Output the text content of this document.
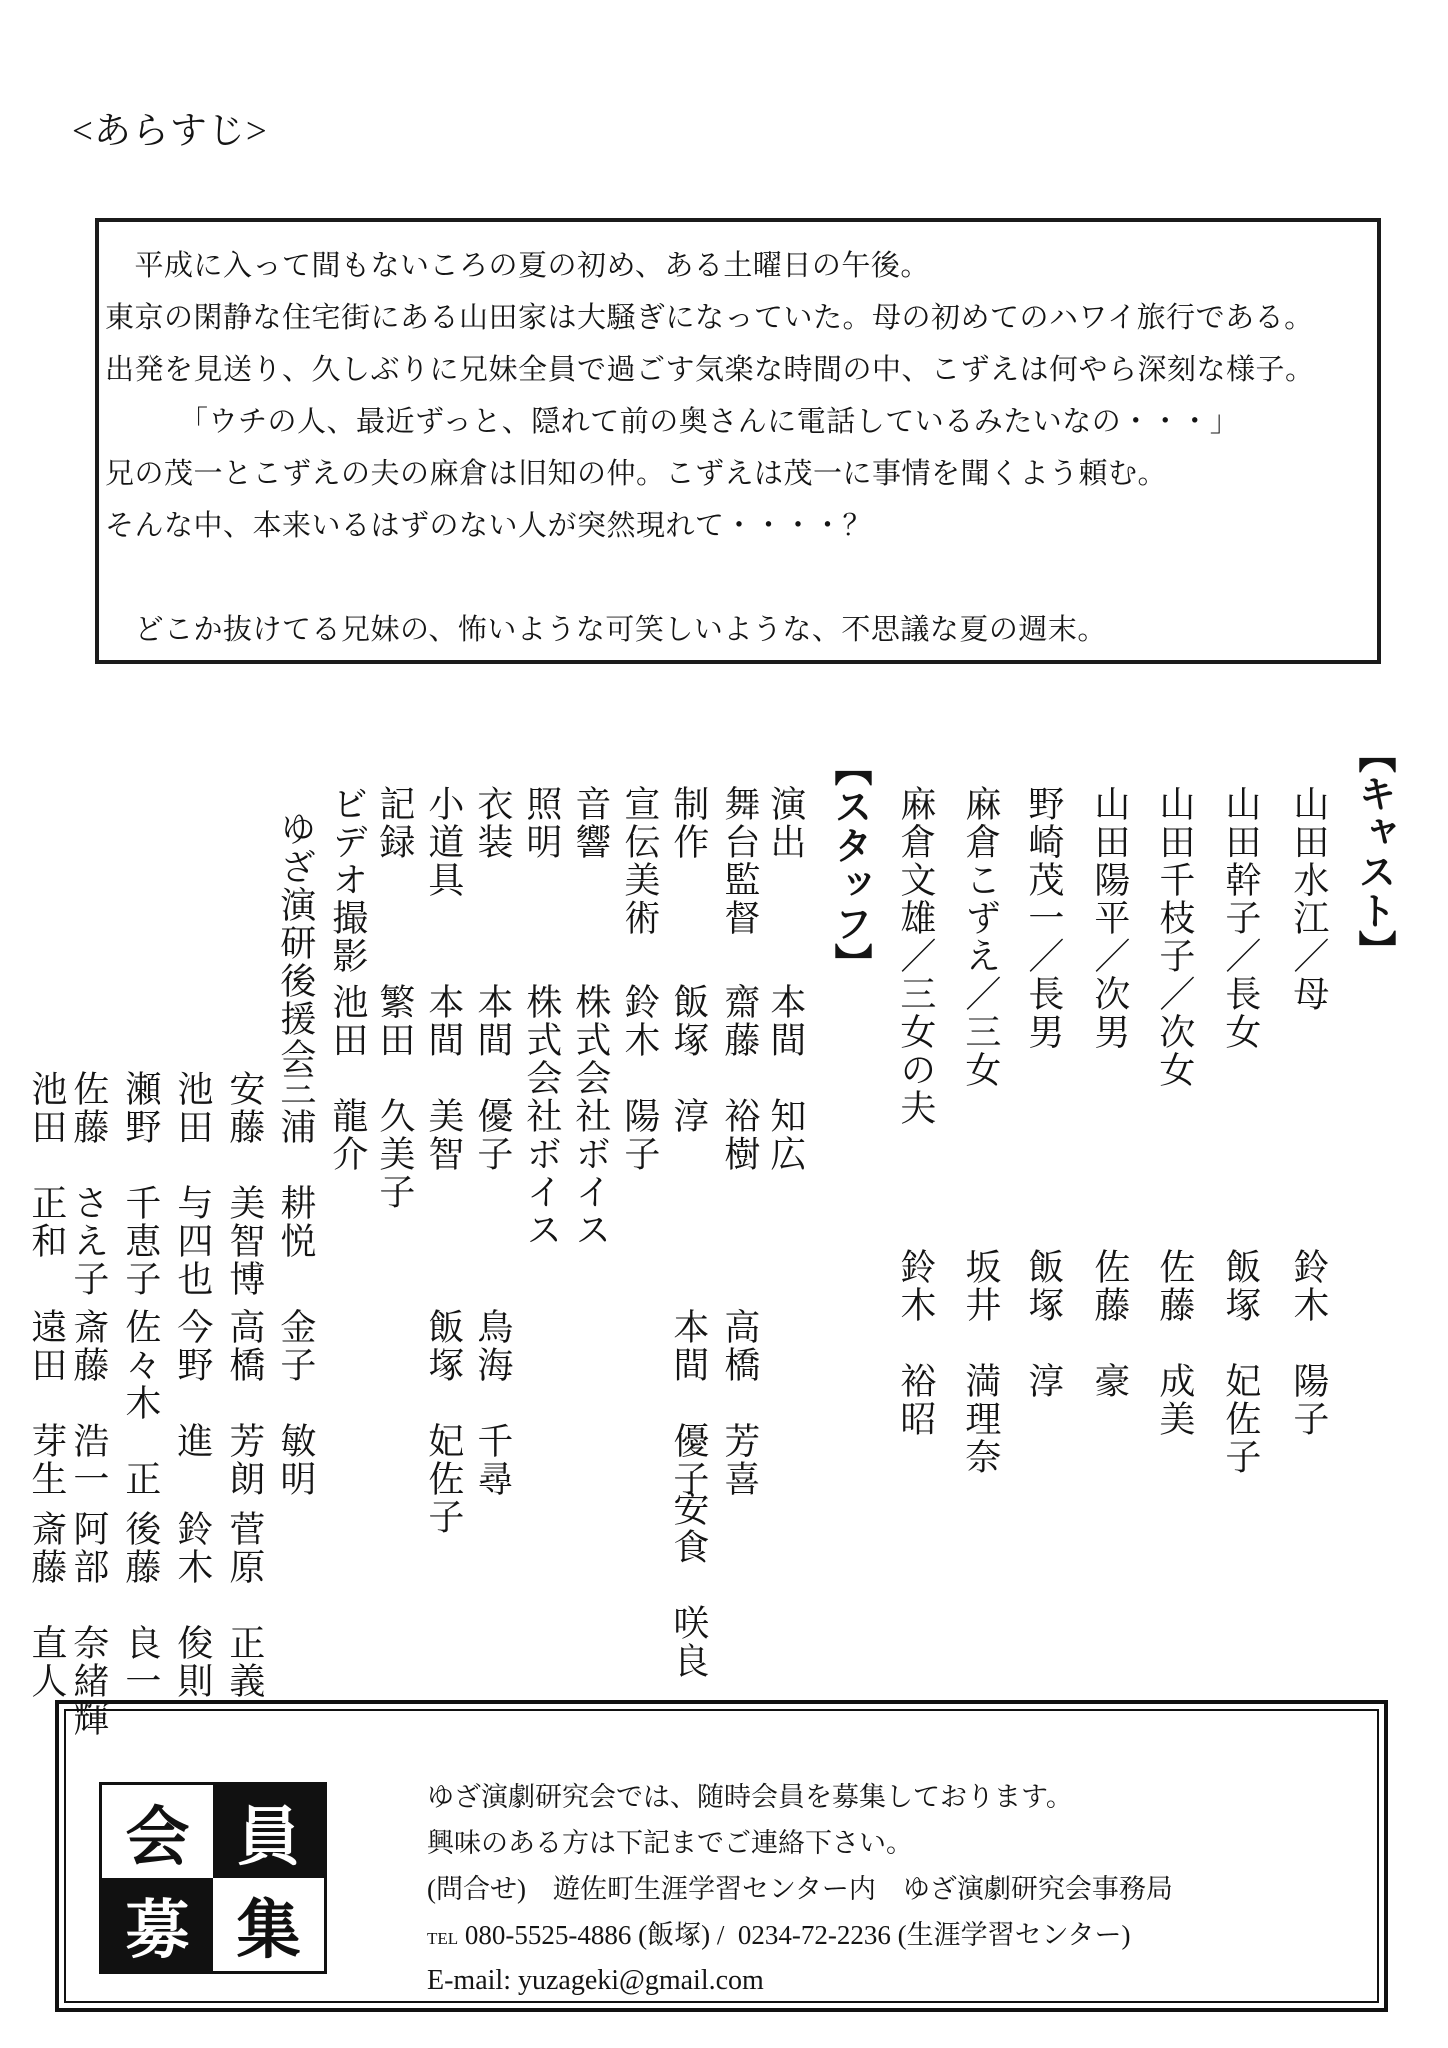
<あらすじ>

　平成に入って間もないころの夏の初め、ある土曜日の午後。

東京の閑静な住宅街にある山田家は大騒ぎになっていた。母の初めてのハワイ旅行である。

出発を見送り、久しぶりに兄妹全員で過ごす気楽な時間の中、こずえは何やら深刻な様子。

　　　「ウチの人、最近ずっと、隠れて前の奥さんに電話しているみたいなの・・・」

兄の茂一とこずえの夫の麻倉は旧知の仲。こずえは茂一に事情を聞くよう頼む。

そんな中、本来いるはずのない人が突然現れて・・・・？

　どこか抜けてる兄妹の、怖いような可笑しいような、不思議な夏の週末。

【キャスト】
山田水江／母
山田幹子／長女
山田千枝子／次女
山田陽平／次男
野崎茂一／長男
麻倉こずえ／三女
麻倉文雄／三女の夫
鈴木　陽子
飯塚　妃佐子
佐藤　成美
佐藤　豪
飯塚　淳
坂井　満理奈
鈴木　裕昭
【スタッフ】
演出
舞台監督
制作
宣伝美術
音響
照明
衣装
小道具
記録
ビデオ撮影
ゆざ演研後援会
本間　知広
齋藤　裕樹
高橋　芳喜
飯塚　淳
本間　優子
安食　咲良
鈴木　陽子
株式会社ボイス
株式会社ボイス
本間　優子
鳥海　千尋
本間　美智
飯塚　妃佐子
繁田　久美子
池田　龍介
三浦　耕悦
金子　敏明
安藤　美智博
高橋　芳朗
菅原　正義
池田　与四也
今野　進
鈴木　俊則
瀬野　千恵子
佐々木　正
後藤　良一
佐藤　さえ子
斎藤　浩一
阿部　奈緒輝
池田　正和
遠田　芽生
斎藤　直人
会 員
募 集

ゆざ演劇研究会では、随時会員を募集しております。

興味のある方は下記までご連絡下さい。

(問合せ)　遊佐町生涯学習センター内　ゆざ演劇研究会事務局

TEL 080-5525-4886 (飯塚) /  0234-72-2236 (生涯学習センター)

E-mail: yuzageki@gmail.com
